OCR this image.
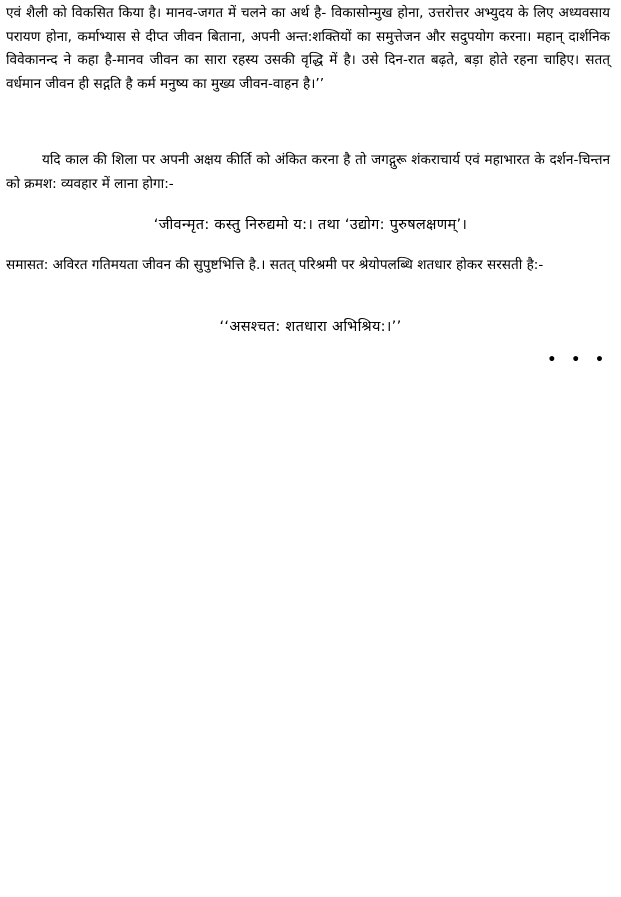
एवं शैली को विकसित किया है। मानव-जगत में चलने का अर्थ है- विकासोन्मुख होना, उत्तरोत्तर अभ्युदय के लिए अध्यवसाय परायण होना, कर्माभ्यास से दीप्त जीवन बिताना, अपनी अन्त:शक्तियों का समुत्तेजन और सदुपयोग करना। महान् दार्शनिक विवेकानन्द ने कहा है-मानव जीवन का सारा रहस्य उसकी वृद्धि में है। उसे दिन-रात बढ़ते, बड़ा होते रहना चाहिए। सतत् वर्धमान जीवन ही सद्गति है कर्म मनुष्य का मुख्य जीवन-वाहन है।’’

यदि काल की शिला पर अपनी अक्षय कीर्ति को अंकित करना है तो जगद्गुरू शंकराचार्य एवं महाभारत के दर्शन-चिन्तन को क्रमश: व्यवहार में लाना होगा:-

‘जीवन्मृत: कस्तु निरुद्यमो य:। तथा ‘उद्योग: पुरुषलक्षणम्’।

समासत: अविरत गतिमयता जीवन की सुपुष्टभित्ति है.। सतत् परिश्रमी पर श्रेयोपलब्धि शतधार होकर सरसती है:-

‘‘असश्चत: शतधारा अभिश्रिय:।’’

• • •
